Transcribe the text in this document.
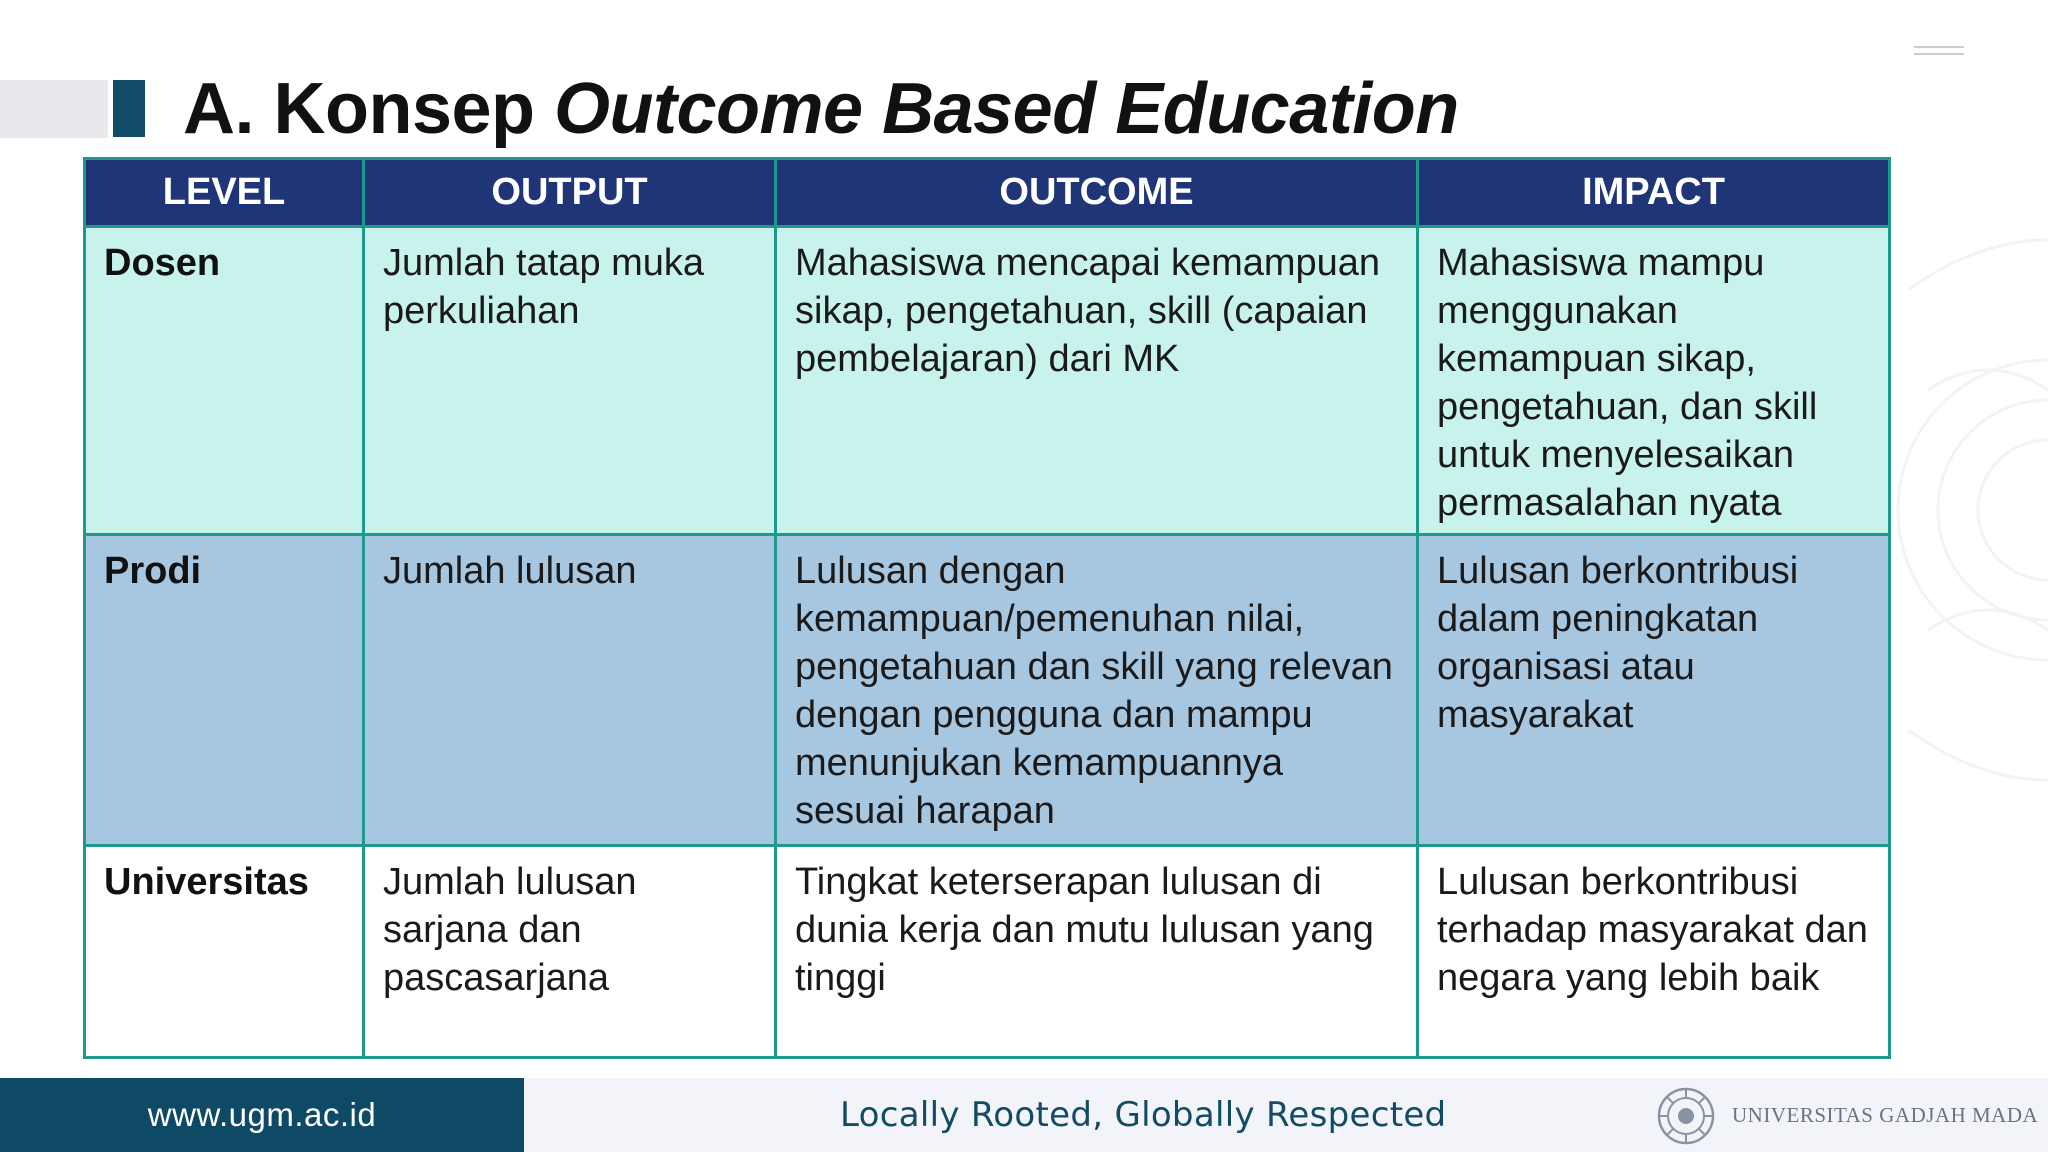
A. Konsep Outcome Based Education
LEVEL	OUTPUT	OUTCOME	IMPACT
Dosen	Jumlah tatap muka perkuliahan	Mahasiswa mencapai kemampuan sikap, pengetahuan, skill (capaian pembelajaran) dari MK	Mahasiswa mampu menggunakan kemampuan sikap, pengetahuan, dan skill untuk menyelesaikan permasalahan nyata
Prodi	Jumlah lulusan	Lulusan dengan kemampuan/pemenuhan nilai, pengetahuan dan skill yang relevan dengan pengguna dan mampu menunjukan kemampuannya sesuai harapan	Lulusan berkontribusi dalam peningkatan organisasi atau masyarakat
Universitas	Jumlah lulusan sarjana dan pascasarjana	Tingkat keterserapan lulusan di dunia kerja dan mutu lulusan yang tinggi	Lulusan berkontribusi terhadap masyarakat dan negara yang lebih baik
www.ugm.ac.id	Locally Rooted, Globally Respected	UNIVERSITAS GADJAH MADA
